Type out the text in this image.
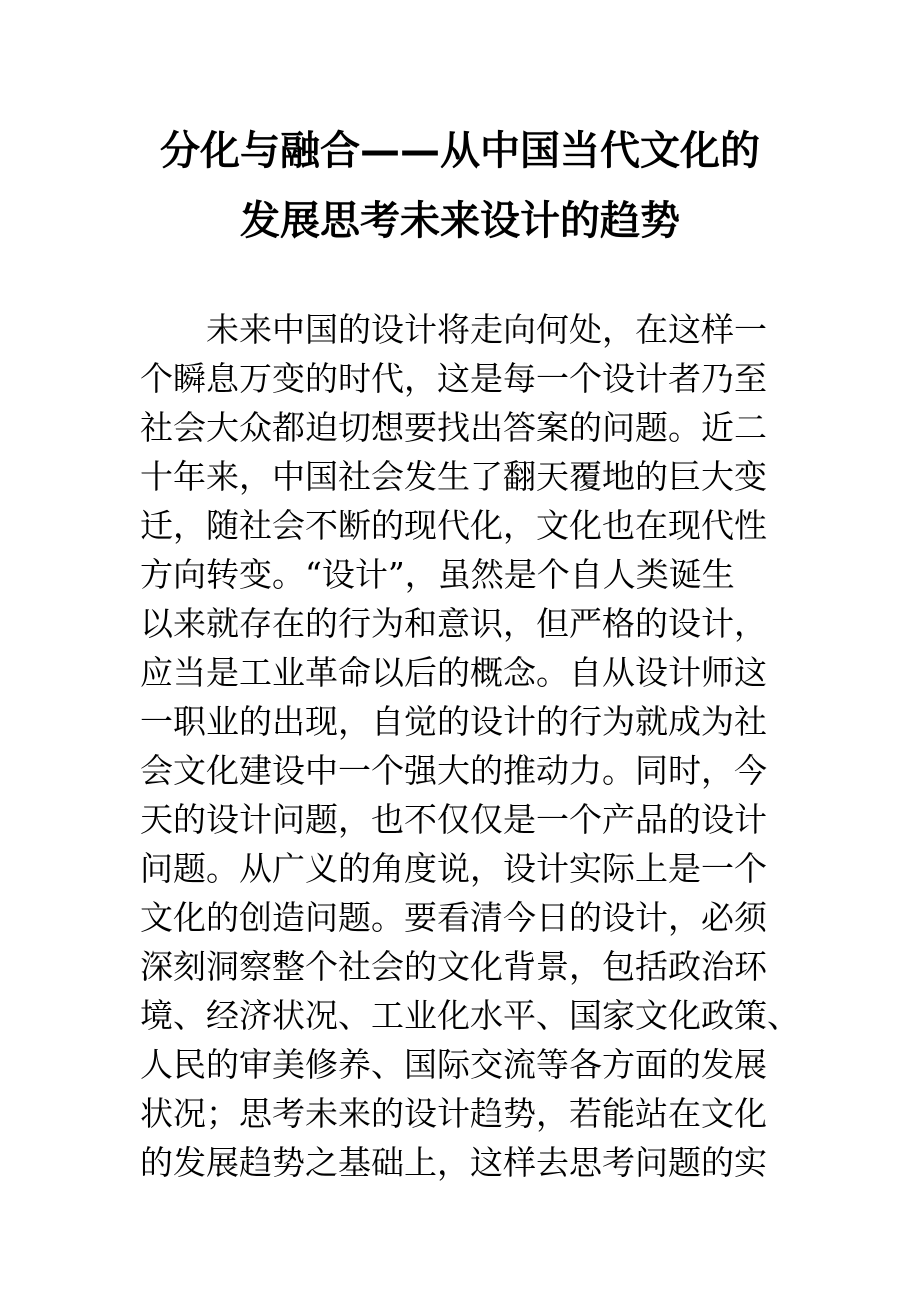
分化与融合——从中国当代文化的
发展思考未来设计的趋势
　　未来中国的设计将走向何处，在这样一
个瞬息万变的时代，这是每一个设计者乃至
社会大众都迫切想要找出答案的问题。近二
十年来，中国社会发生了翻天覆地的巨大变
迁，随社会不断的现代化，文化也在现代性
方向转变。“设计”，虽然是个自人类诞生
以来就存在的行为和意识，但严格的设计，
应当是工业革命以后的概念。自从设计师这
一职业的出现，自觉的设计的行为就成为社
会文化建设中一个强大的推动力。同时，今
天的设计问题，也不仅仅是一个产品的设计
问题。从广义的角度说，设计实际上是一个
文化的创造问题。要看清今日的设计，必须
深刻洞察整个社会的文化背景，包括政治环
境、经济状况、工业化水平、国家文化政策、
人民的审美修养、国际交流等各方面的发展
状况；思考未来的设计趋势，若能站在文化
的发展趋势之基础上，这样去思考问题的实
